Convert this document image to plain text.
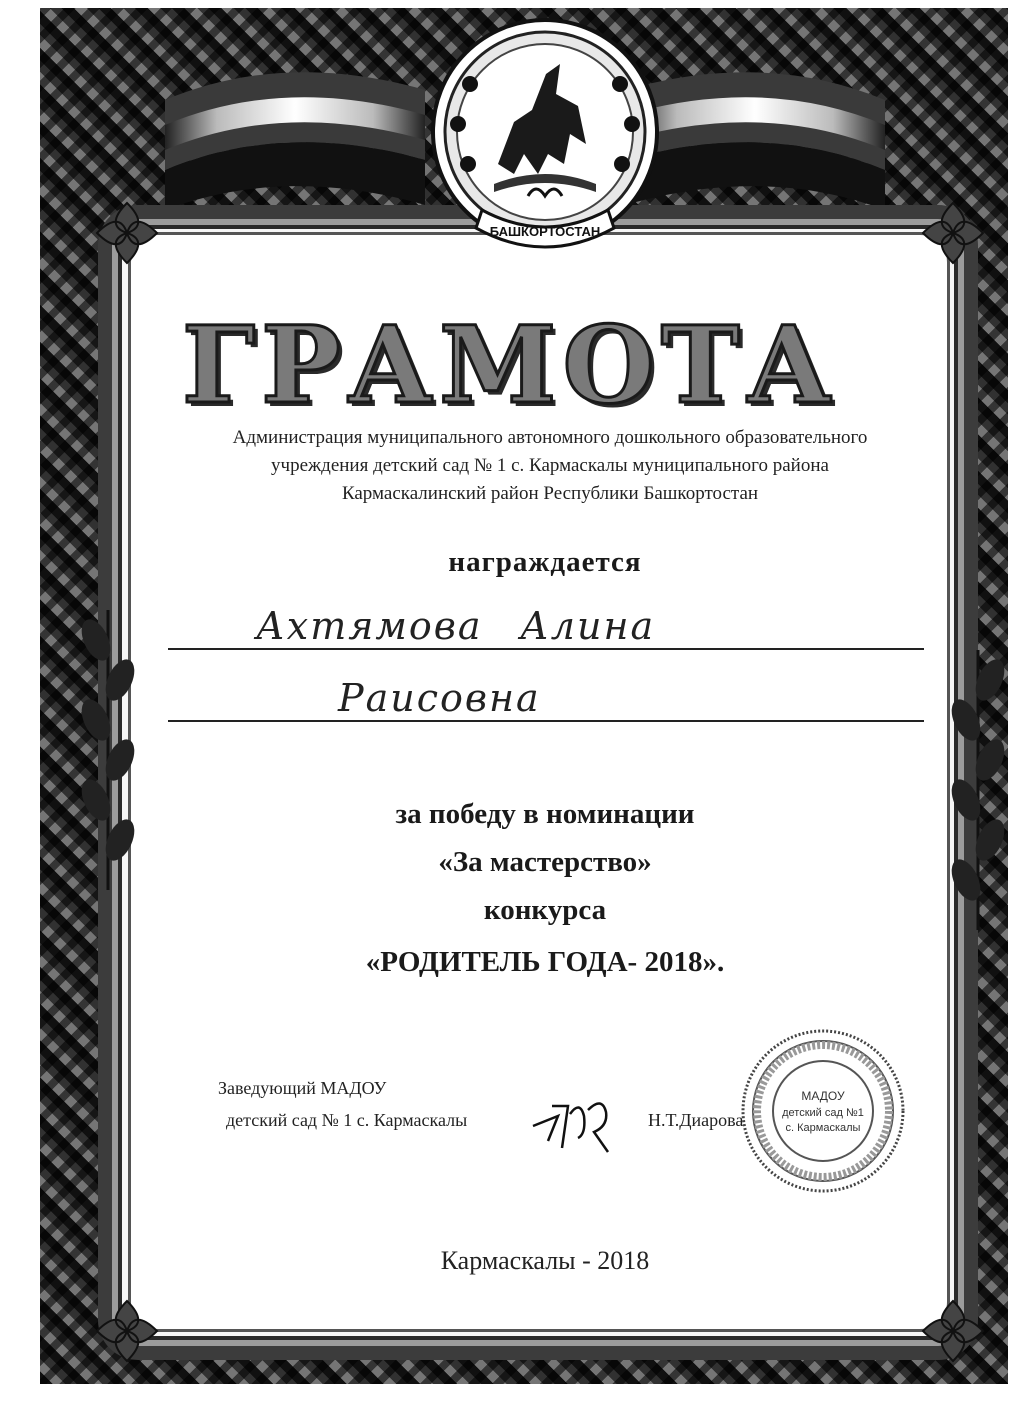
БАШКОРТОСТАН
ГРАМОТА
Администрация муниципального автономного дошкольного образовательного
учреждения детский сад № 1 с. Кармаскалы муниципального района
Кармаскалинский район Республики Башкортостан
награждается
Ахтямова Алина
Раисовна
за победу в номинации
«За мастерство»
конкурса
«РОДИТЕЛЬ ГОДА- 2018».
Заведующий МАДОУ
детский сад № 1 с. Кармаскалы	Н.Т.Диарова
МАДОУ
детский сад №1
с. Кармаскалы
Кармаскалы - 2018
